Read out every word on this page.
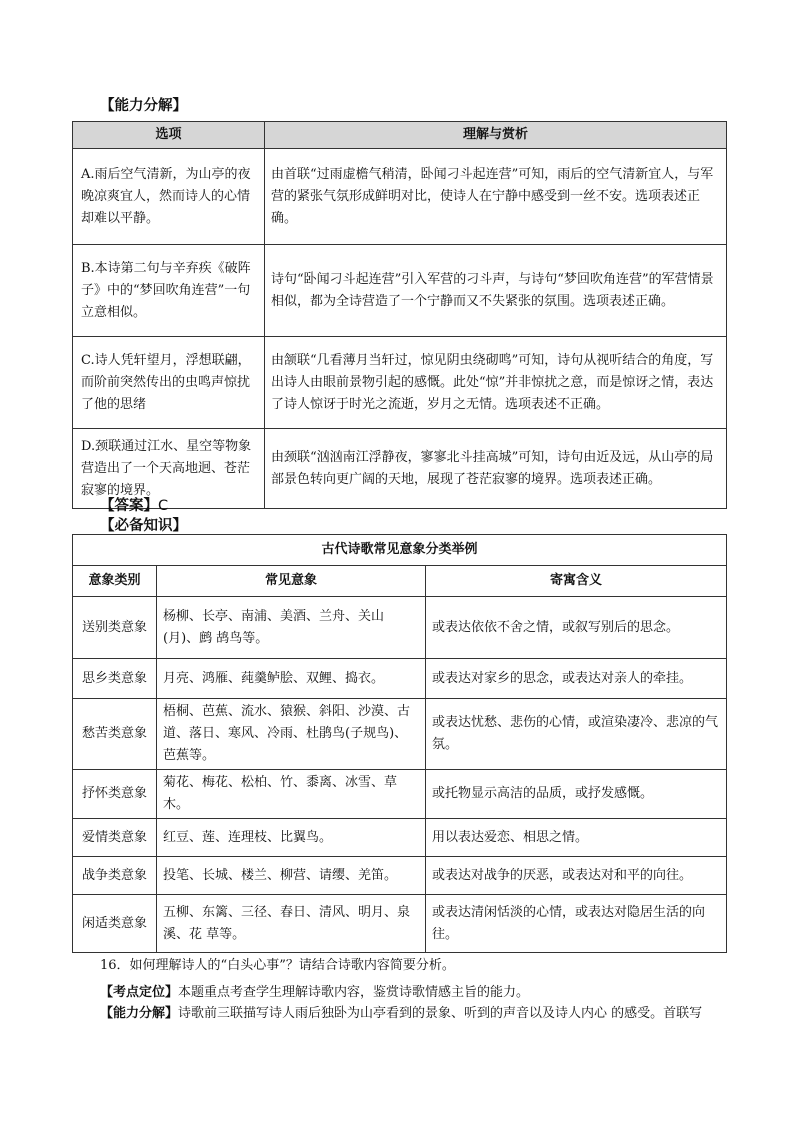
【能力分解】
选项	理解与赏析
A.雨后空气清新，为山亭的夜晚凉爽宜人，然而诗人的心情却难以平静。	由首联“过雨虚檐气稍清，卧闻刁斗起连营”可知，雨后的空气清新宜人，与军营的紧张气氛形成鲜明对比，使诗人在宁静中感受到一丝不安。选项表述正确。
B.本诗第二句与辛弃疾《破阵子》中的“梦回吹角连营”一句立意相似。	诗句“卧闻刁斗起连营”引入军营的刁斗声，与诗句“梦回吹角连营”的军营情景相似，都为全诗营造了一个宁静而又不失紧张的氛围。选项表述正确。
C.诗人凭轩望月，浮想联翩，而阶前突然传出的虫鸣声惊扰了他的思绪	由颔联“几看薄月当轩过，惊见阴虫绕砌鸣”可知，诗句从视听结合的角度，写出诗人由眼前景物引起的感慨。此处“惊”并非惊扰之意，而是惊讶之情，表达了诗人惊讶于时光之流逝，岁月之无情。选项表述不正确。
D.颈联通过江水、星空等物象营造出了一个天高地迥、苍茫寂寥的境界。	由颈联“汹汹南江浮静夜，寥寥北斗挂高城”可知，诗句由近及远，从山亭的局部景色转向更广阔的天地，展现了苍茫寂寥的境界。选项表述正确。
【答案】C
【必备知识】
古代诗歌常见意象分类举例		
意象类别	常见意象	寄寓含义
送别类意象	杨柳、长亭、南浦、美酒、兰舟、关山(月)、鹧 鸪鸟等。	或表达依依不舍之情，或叙写别后的思念。
思乡类意象	月亮、鸿雁、莼羹鲈脍、双鲤、捣衣。	或表达对家乡的思念，或表达对亲人的牵挂。
愁苦类意象	梧桐、芭蕉、流水、猿猴、斜阳、沙漠、古道、落日、寒风、冷雨、杜鹃鸟(子规鸟)、芭蕉等。	或表达忧愁、悲伤的心情，或渲染凄冷、悲凉的气氛。
抒怀类意象	菊花、梅花、松柏、竹、黍离、冰雪、草木。	或托物显示高洁的品质，或抒发感慨。
爱情类意象	红豆、莲、连理枝、比翼鸟。	用以表达爱恋、相思之情。
战争类意象	投笔、长城、楼兰、柳营、请缨、羌笛。	或表达对战争的厌恶，或表达对和平的向往。
闲适类意象	五柳、东篱、三径、春日、清风、明月、泉溪、花 草等。	或表达清闲恬淡的心情，或表达对隐居生活的向往。
16．如何理解诗人的“白头心事”？请结合诗歌内容简要分析。
【考点定位】本题重点考查学生理解诗歌内容，鉴赏诗歌情感主旨的能力。
【能力分解】诗歌前三联描写诗人雨后独卧为山亭看到的景象、听到的声音以及诗人内心 的感受。首联写
